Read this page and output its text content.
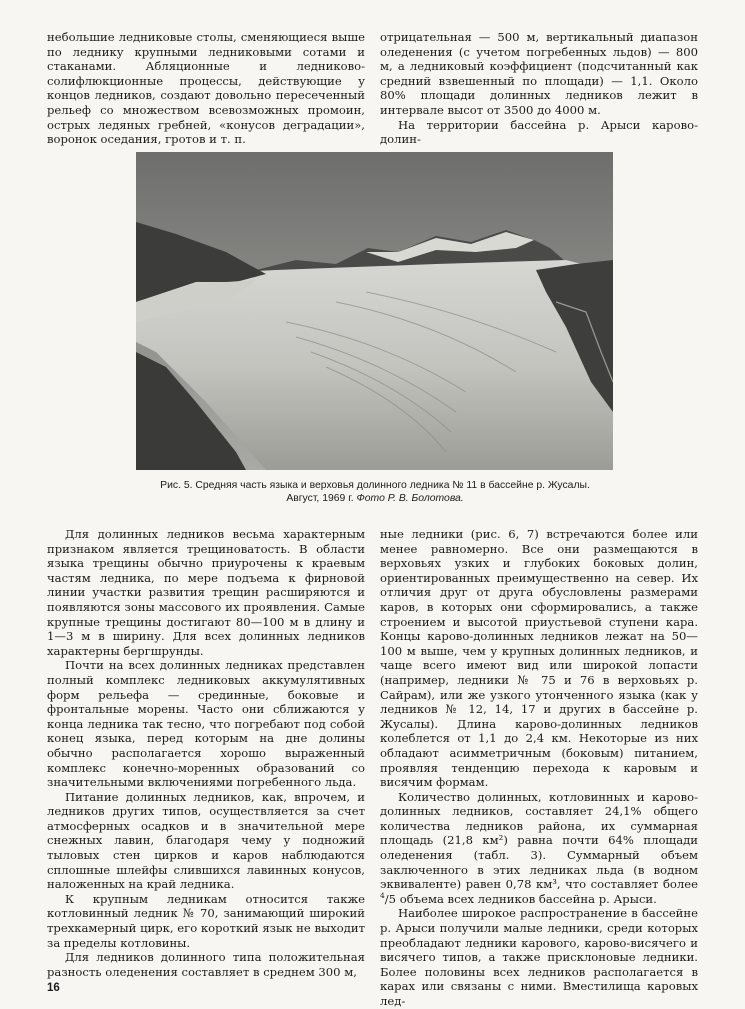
небольшие ледниковые столы, сменяющиеся выше по леднику крупными ледниковыми сотами и стаканами. Абляционные и ледниково-солифлюкционные процессы, действующие у концов ледников, создают довольно пересеченный рельеф со множеством всевозможных промоин, острых ледяных гребней, «конусов деградации», воронок оседания, гротов и т. п.

отрицательная — 500 м, вертикальный диапазон оледенения (с учетом погребенных льдов) — 800 м, а ледниковый коэффициент (подсчитанный как средний взвешенный по площади) — 1,1. Около 80% площади долинных ледников лежит в интервале высот от 3500 до 4000 м.

На территории бассейна р. Арыси карово-долин-

Рис. 5. Средняя часть языка и верховья долинного ледника № 11 в бассейне р. Жусалы.
Август, 1969 г. Фото Р. В. Болотова.

Для долинных ледников весьма характерным признаком является трещиноватость. В области языка трещины обычно приурочены к краевым частям ледника, по мере подъема к фирновой линии участки развития трещин расширяются и появляются зоны массового их проявления. Самые крупные трещины достигают 80—100 м в длину и 1—3 м в ширину. Для всех долинных ледников характерны бергшрунды.

Почти на всех долинных ледниках представлен полный комплекс ледниковых аккумулятивных форм рельефа — срединные, боковые и фронтальные морены. Часто они сближаются у конца ледника так тесно, что погребают под собой конец языка, перед которым на дне долины обычно располагается хорошо выраженный комплекс конечно-моренных образований со значительными включениями погребенного льда.

Питание долинных ледников, как, впрочем, и ледников других типов, осуществляется за счет атмосферных осадков и в значительной мере снежных лавин, благодаря чему у подножий тыловых стен цирков и каров наблюдаются сплошные шлейфы слившихся лавинных конусов, наложенных на край ледника.

К крупным ледникам относится также котловинный ледник № 70, занимающий широкий трехкамерный цирк, его короткий язык не выходит за пределы котловины.

Для ледников долинного типа положительная разность оледенения составляет в среднем 300 м,

ные ледники (рис. 6, 7) встречаются более или менее равномерно. Все они размещаются в верховьях узких и глубоких боковых долин, ориентированных преимущественно на север. Их отличия друг от друга обусловлены размерами каров, в которых они сформировались, а также строением и высотой приустьевой ступени кара. Концы карово-долинных ледников лежат на 50—100 м выше, чем у крупных долинных ледников, и чаще всего имеют вид или широкой лопасти (например, ледники № 75 и 76 в верховьях р. Сайрам), или же узкого утонченного языка (как у ледников № 12, 14, 17 и других в бассейне р. Жусалы). Длина карово-долинных ледников колеблется от 1,1 до 2,4 км. Некоторые из них обладают асимметричным (боковым) питанием, проявляя тенденцию перехода к каровым и висячим формам.

Количество долинных, котловинных и карово-долинных ледников, составляет 24,1% общего количества ледников района, их суммарная площадь (21,8 км²) равна почти 64% площади оледенения (табл. 3). Суммарный объем заключенного в этих ледниках льда (в водном эквиваленте) равен 0,78 км³, что составляет более $^4$/5 объема всех ледников бассейна р. Арыси.

Наиболее широкое распространение в бассейне р. Арыси получили малые ледники, среди которых преобладают ледники карового, карово-висячего и висячего типов, а также присклоновые ледники. Более половины всех ледников располагается в карах или связаны с ними. Вместилища каровых лед-

16
